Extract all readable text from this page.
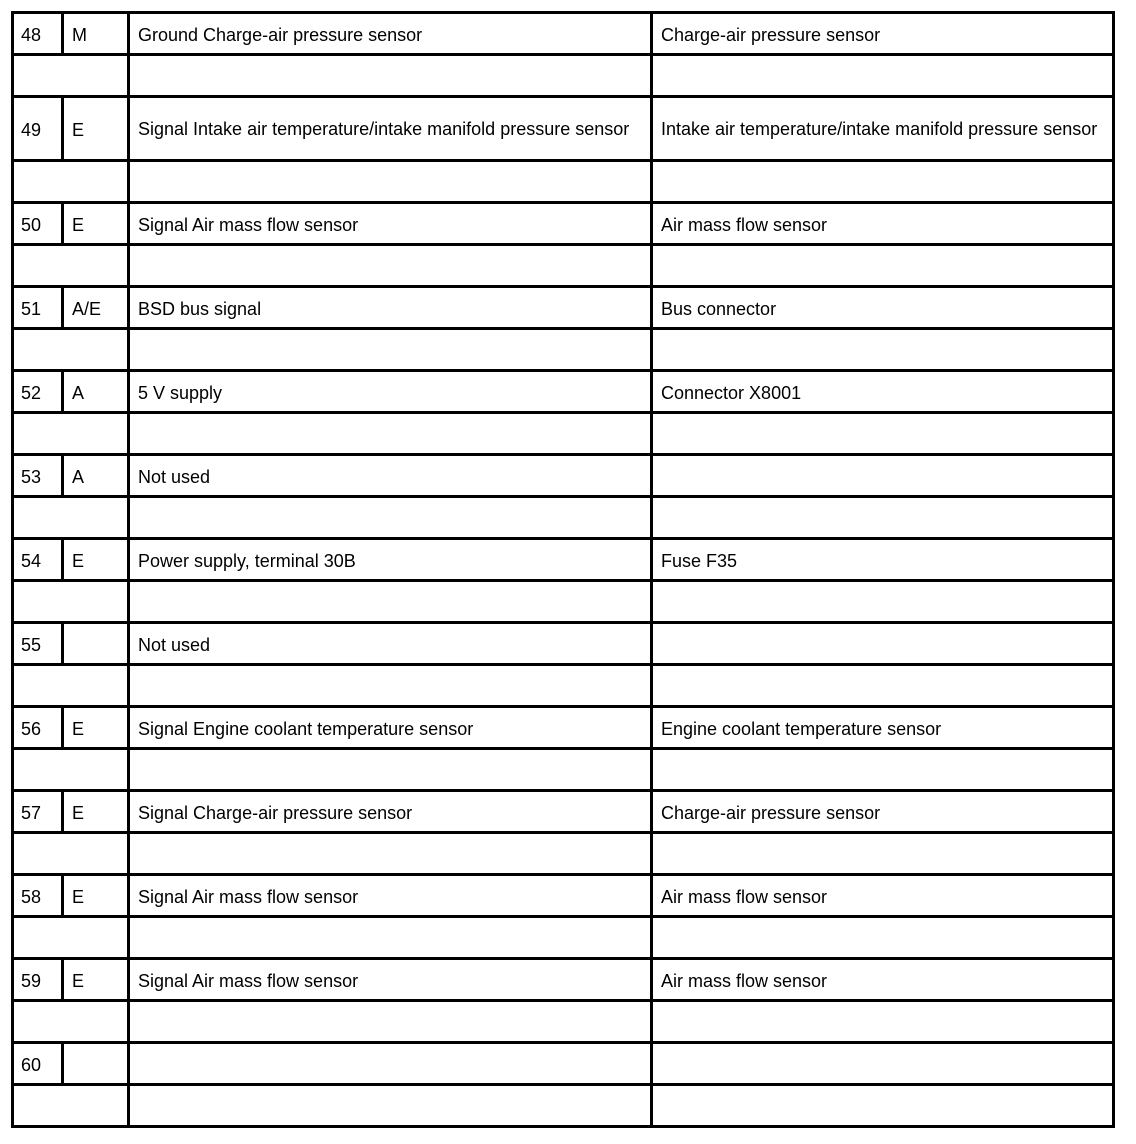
48	M	Ground Charge-air pressure sensor	Charge-air pressure sensor

49	E	Signal Intake air temperature/intake manifold pressure sensor	Intake air temperature/intake manifold pressure sensor

50	E	Signal Air mass flow sensor	Air mass flow sensor

51	A/E	BSD bus signal	Bus connector

52	A	5 V supply	Connector X8001

53	A	Not used	

54	E	Power supply, terminal 30B	Fuse F35

55		Not used	

56	E	Signal Engine coolant temperature sensor	Engine coolant temperature sensor

57	E	Signal Charge-air pressure sensor	Charge-air pressure sensor

58	E	Signal Air mass flow sensor	Air mass flow sensor

59	E	Signal Air mass flow sensor	Air mass flow sensor

60			
